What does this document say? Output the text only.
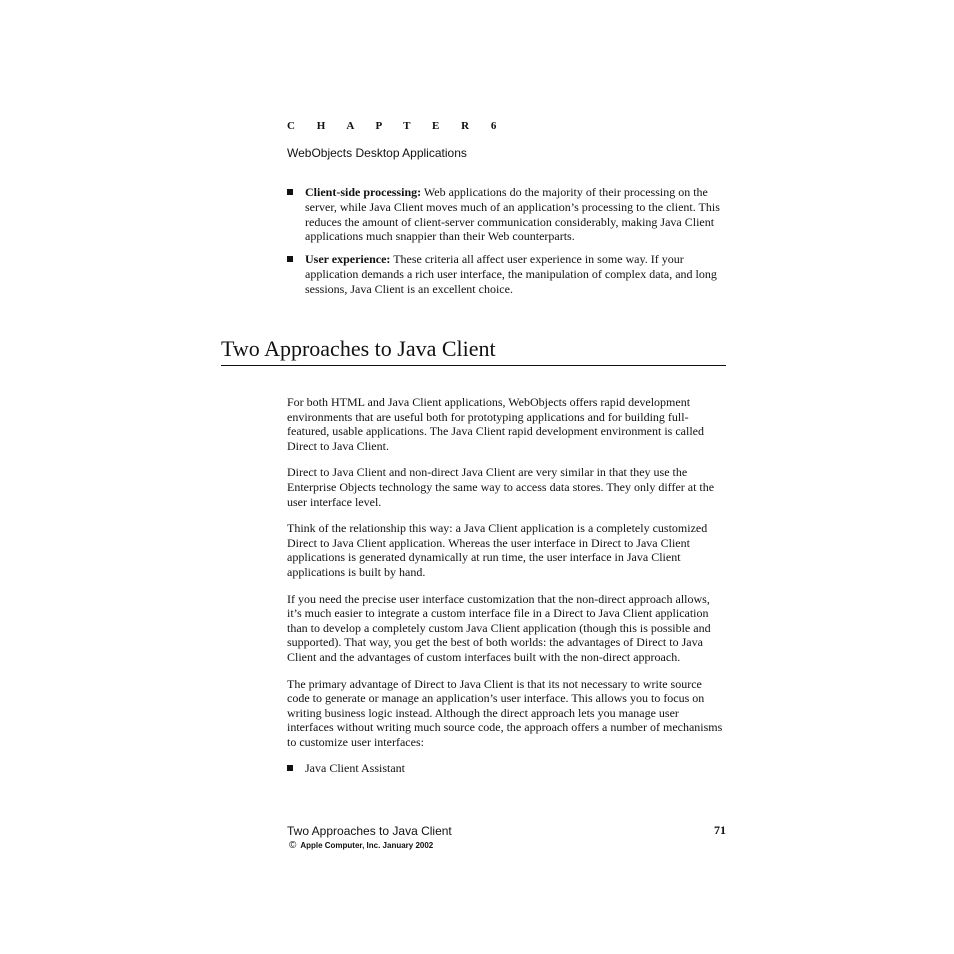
C H A P T E R 6
WebObjects Desktop Applications
Client-side processing: Web applications do the majority of their processing on the server, while Java Client moves much of an application’s processing to the client. This reduces the amount of client-server communication considerably, making Java Client applications much snappier than their Web counterparts.
User experience: These criteria all affect user experience in some way. If your application demands a rich user interface, the manipulation of complex data, and long sessions, Java Client is an excellent choice.
Two Approaches to Java Client

For both HTML and Java Client applications, WebObjects offers rapid development environments that are useful both for prototyping applications and for building full-featured, usable applications. The Java Client rapid development environment is called Direct to Java Client.

Direct to Java Client and non-direct Java Client are very similar in that they use the Enterprise Objects technology the same way to access data stores. They only differ at the user interface level.

Think of the relationship this way: a Java Client application is a completely customized Direct to Java Client application. Whereas the user interface in Direct to Java Client applications is generated dynamically at run time, the user interface in Java Client applications is built by hand.

If you need the precise user interface customization that the non-direct approach allows, it’s much easier to integrate a custom interface file in a Direct to Java Client application than to develop a completely custom Java Client application (though this is possible and supported). That way, you get the best of both worlds: the advantages of Direct to Java Client and the advantages of custom interfaces built with the non-direct approach.

The primary advantage of Direct to Java Client is that its not necessary to write source code to generate or manage an application’s user interface. This allows you to focus on writing business logic instead. Although the direct approach lets you manage user interfaces without writing much source code, the approach offers a number of mechanisms to customize user interfaces:

Java Client Assistant
Two Approaches to Java Client	71
© Apple Computer, Inc. January 2002
